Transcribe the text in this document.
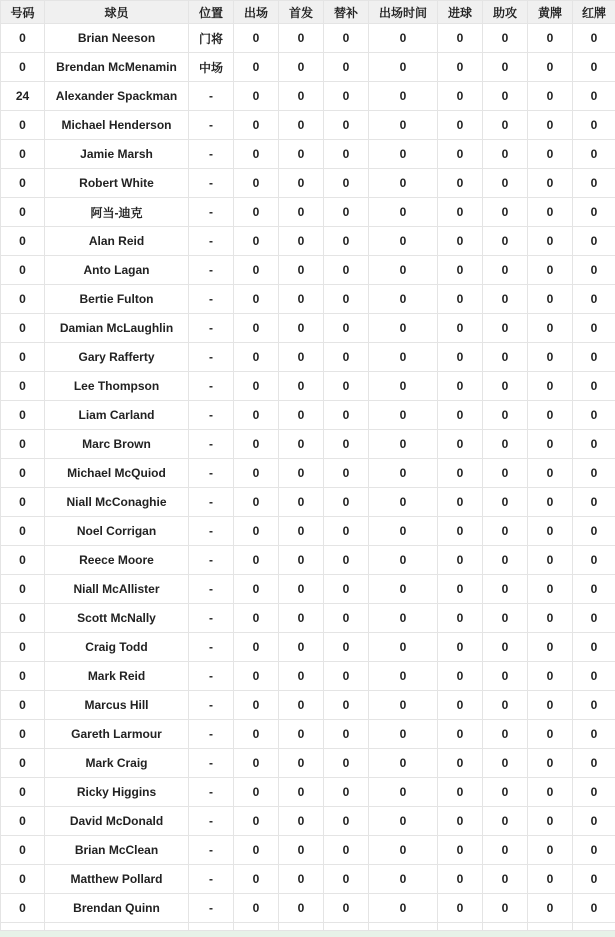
号码	球员	位置	出场	首发	替补	出场时间	进球	助攻	黄牌	红牌
0	Brian Neeson	门将	0	0	0	0	0	0	0	0
0	Brendan McMenamin	中场	0	0	0	0	0	0	0	0
24	Alexander Spackman	-	0	0	0	0	0	0	0	0
0	Michael Henderson	-	0	0	0	0	0	0	0	0
0	Jamie Marsh	-	0	0	0	0	0	0	0	0
0	Robert White	-	0	0	0	0	0	0	0	0
0	阿当-迪克	-	0	0	0	0	0	0	0	0
0	Alan Reid	-	0	0	0	0	0	0	0	0
0	Anto Lagan	-	0	0	0	0	0	0	0	0
0	Bertie Fulton	-	0	0	0	0	0	0	0	0
0	Damian McLaughlin	-	0	0	0	0	0	0	0	0
0	Gary Rafferty	-	0	0	0	0	0	0	0	0
0	Lee Thompson	-	0	0	0	0	0	0	0	0
0	Liam Carland	-	0	0	0	0	0	0	0	0
0	Marc Brown	-	0	0	0	0	0	0	0	0
0	Michael McQuiod	-	0	0	0	0	0	0	0	0
0	Niall McConaghie	-	0	0	0	0	0	0	0	0
0	Noel Corrigan	-	0	0	0	0	0	0	0	0
0	Reece Moore	-	0	0	0	0	0	0	0	0
0	Niall McAllister	-	0	0	0	0	0	0	0	0
0	Scott McNally	-	0	0	0	0	0	0	0	0
0	Craig Todd	-	0	0	0	0	0	0	0	0
0	Mark Reid	-	0	0	0	0	0	0	0	0
0	Marcus Hill	-	0	0	0	0	0	0	0	0
0	Gareth Larmour	-	0	0	0	0	0	0	0	0
0	Mark Craig	-	0	0	0	0	0	0	0	0
0	Ricky Higgins	-	0	0	0	0	0	0	0	0
0	David McDonald	-	0	0	0	0	0	0	0	0
0	Brian McClean	-	0	0	0	0	0	0	0	0
0	Matthew Pollard	-	0	0	0	0	0	0	0	0
0	Brendan Quinn	-	0	0	0	0	0	0	0	0
